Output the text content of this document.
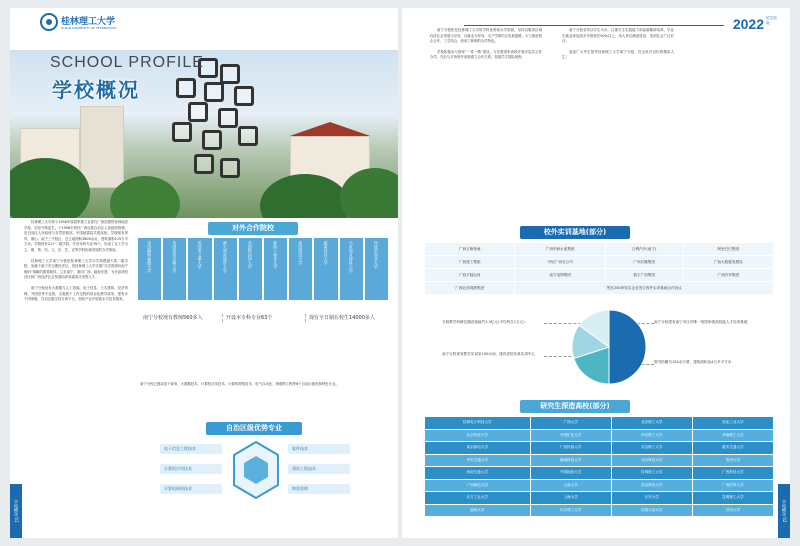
桂林理工大学
GUILIN UNIVERSITY OF TECHNOLOGY
SCHOOL PROFILE
学校概况

桂林理工大学源于1956年原国家重工业部在广西创建的桂林地质学校，后经升格更名，于1998年划归广西壮族自治区人民政府管理，是自治区人民政府与自然资源部、中国地震局共建高校。学校现有屏风、雁山、南宁三个校区，总占地面积3800余亩，建筑面积115万平方米。学校现有21个二级学院，开设本科专业76个，形成了以工学为主，理、管、经、文、法、艺、农等学科协调发展的办学格局。

桂林理工大学南宁分校是桂林理工大学办学规模最大的二级学院，坐落于南宁市空港经济区，是桂林理工大学实施“办学资源向南宁倾斜”战略的重要载体，立足南宁、面向广西、辐射东盟，为北部湾经济区和广西经济社会发展培养高素质应用型人才。

南宁分校设有大数据与人工智能、电子信息、土木建筑、经济管理、外国语等专业群，实施基于工作过程的项目化教学改革，建有多个国家级、自治区级实验实训平台，面向产业开展高水平技术服务。

对外合作院校
英国赫特福德大学	英国胡弗汉顿大学	英国考文垂大学	澳大利亚迪肯大学	美国特洛伊大学	新西兰林肯大学	泰国清迈大学	越南河内大学	马来西亚理科大学	印度尼西亚大学
南宁分校现有教师560多人	开设本专科专业63个	现有全日制在校生14000多人

南宁分校已建成电子商务、大数据技术、计算机应用技术、计算机网络技术、电气自动化、物联网工程等6个自治区级优势特色专业。

自治区级优势专业
电子信息工程技术
计算机应用技术
计算机网络技术
软件技术
建筑工程技术
物流管理
学校概况 01
2022 招生指南

南宁分校依托桂林理工大学的学科优势和办学资源，坚持以服务区域经济社会发展为宗旨，以就业为导向，走产学研结合发展道路，大力推进校企合作、工学结合，形成了鲜明的办学特色。

学校积极参与国家“一带一路”建设，与东盟国家高校开展多层次合作办学，先后与多所境外高校建立合作关系，拓展学生国际视野。

南宁分校坚持以学生为本，注重学生实践能力和创新精神培养，毕业生就业率连续多年保持在90%以上，用人单位满意度高，受到社会广泛好评。

欢迎广大考生报考桂林理工大学南宁分校，在这里开启你的精彩人生！

校外实训基地(部分)
广西玉柴物流	广西华润水泥集团	吉利汽车(南宁)	阿里巴巴集团
广西建工集团	中铝广西分公司	广州长隆集团	广西大数据发展局
广西平陆运河	南方电网集团	数字广西集团	广西汽车集团
广西北部湾港集团	等近200家知名企业签订校外实训基地合作协议		
分校教学科研仪器设备值约1.3亿元(平均每生1万元)
南宁分校现有教学实训室100余间，建有虚拟仿真实训中心
南宁分校建有南宁市区内唯一的国家级高技能人才培训基地
图书馆藏书150余万册，建筑面积达4万多平方米
研究生深造高校(部分)
桂林电子科技大学	广西大学	北京理工大学	西北工业大学
北京科技大学	中国矿业大学	华北理工大学	华南理工大学
南京邮电大学	广西民族大学	武汉理工大学	重庆交通大学
华东交通大学	湖南科技大学	北京科技大学	贵州大学
西南交通大学	中国地质大学	桂林理工大学	广西科技大学
广西师范大学	云南大学	武汉科技大学	广西医科大学
北方工业大学	上海大学	长安大学	昆明理工大学
福州大学	长沙理工大学	西南石油大学	苏州大学	学校概况 02
